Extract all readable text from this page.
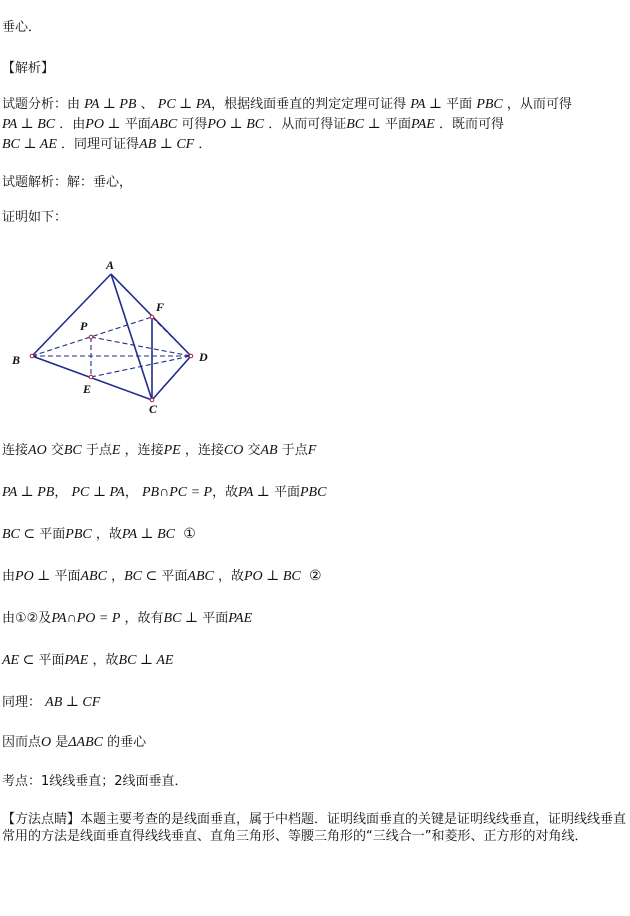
垂心．
【解析】
试题分析：由 PA ⊥ PB 、 PC ⊥ PA，根据线面垂直的判定定理可证得 PA ⊥ 平面 PBC ，从而可得
PA ⊥ BC ．由PO ⊥ 平面ABC 可得PO ⊥ BC ．从而可得证BC ⊥ 平面PAE ．既而可得
BC ⊥ AE ．同理可证得AB ⊥ CF ．
试题解析：解：垂心，
证明如下：
A
B
C
D
E
F
P
连接AO 交BC 于点E ，连接PE ，连接CO 交AB 于点F
PA ⊥ PB， PC ⊥ PA， PB∩PC = P，故PA ⊥ 平面PBC
BC ⊂ 平面PBC ，故PA ⊥ BC ①
由PO ⊥ 平面ABC ，BC ⊂ 平面ABC ，故PO ⊥ BC ②
由①②及PA∩PO = P ，故有BC ⊥ 平面PAE
AE ⊂ 平面PAE ，故BC ⊥ AE
同理： AB ⊥ CF
因而点O 是ΔABC 的垂心
考点：1线线垂直；2线面垂直．
【方法点睛】本题主要考查的是线面垂直，属于中档题．证明线面垂直的关键是证明线线垂直，证明线线垂直常用的方法是线面垂直得线线垂直、直角三角形、等腰三角形的“三线合一”和菱形、正方形的对角线．
